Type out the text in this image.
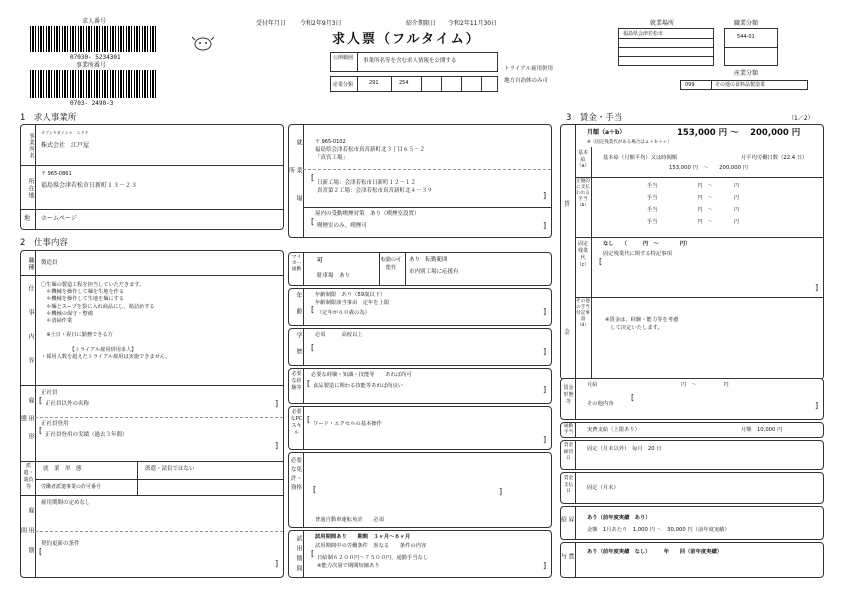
求人番号
07030- 5234301
事業所番号
0703- 2490-3
受付年月日 令和2年9月3日	紹介期限日 令和2年11月30日
求人票（フルタイム）
公開範囲	事業所名等を含む求人情報を公開する
産業分類	291	254
トライアル雇用併用
地方自治体のみ可
就業場所
福島県会津若松市
職業分類
544-01
産業分類
099	その他の食料品製造業
1　求人事業所
事業所名
カブシキガイシャ　エドヤ
株式会社　江戸屋
所在地
〒 965-0861
福島県会津若松市日新町１３－２３
地 ホームページ
2　仕事内容
職種 製造員
仕事内容 〇生麺の製造工程を担当していただきます。
　＊機械を操作して麺を生地を作る
　＊機械を操作して生地を麺にする
　＊麺とスープを袋に入れ商品にし、箱詰めする
　＊機械の保守・整備
　＊清掃作業
　※土日・祝日に勤務できる方
　　　　　　【トライアル雇用併用求人】
・採用人数を超えたトライアル雇用は実施できません。
雇用形態
正社員
[ 正社員以外の名称	]
正社員登用
[ 正社員登用の実績（過去３年間）
]
派遣・請負等
就　業　形　態	派遣・請負ではない
労働者派遣事業の許可番号
雇用期間
雇用期間の定めなし
契約更新の条件
[
]
就業場所
〒 965-0102
福島県会津若松市真宮新町北３丁目６５－２
「真宮工場」
[
日新工場：会津若松市日新町１２－１２
真宮第２工場：会津若松市真宮新町北４－３９	]
屋内の受動喫煙対策　あり（喫煙室設置）
[ 喫煙室のみ、喫煙可	]
マイカー通勤
可
駐車場　あり
転勤の可能性
あり　転勤範囲
市内別工場に応援有
年齢 年齢制限　あり（59歳以下）
年齢制限該当事由　定年を上限
[ （定年が６０歳の為）	]
学歴 必須　　　高校以上
[	]
必要な経験等
必要な経験・知識・技能等　　あれば尚可
[ 食品製造に関わる技能等あれば尚良い	]
必要なPCスキル
[ ワード・エクセルの基本操作
]
必要な免許・資格 [	]
普通自動車運転免許　　必須
試用期間 試用期間あり　　期間　３ヶ月～６ヶ月
試用期間中の労働条件　異なる　　条件の内容
[ 日給制６２００円～７５００円、通勤手当なし
※能力次第で期間短縮あり	]
3　賃金・手当	（1／2）
賃
金
月額（a＋b）	153,000 円 ～　 200,000 円
※（固定残業代がある場合はａ＋ｂ＋ｃ）
基本給（a）
基本給（月額平均）又は時間額	月平均労働日数（22.4 日）
153,000 円　～　　200,000 円
定額的に支払われる手当（b）
手当	円　～　　　　円
手当	円　～　　　　円
手当	円　～　　　　円
手当	円　～　　　　円
固定残業代（c）
なし　　（　　　円　～　　　　円）
固定残業代に関する特記事項
[
]
その他の手当付記事項（d）
※賃金は、経験・能力等を考慮
　して決定いたします。
賃金形態等
月給	円　～　　　　　円
その他内容
[
]
通勤手当	実費支給（上限あり）	月額　10,000 円
賃金締切日
固定（月末以外）　毎月　20 日
賃金支払日
固定（月末）
昇給	あり（前年度実績　あり）
金額　1月あたり　1,000 円 ～　30,000 円（前年度実績）
賞与
あり（前年度実績　なし）　　　年　　回（前年度実績）
